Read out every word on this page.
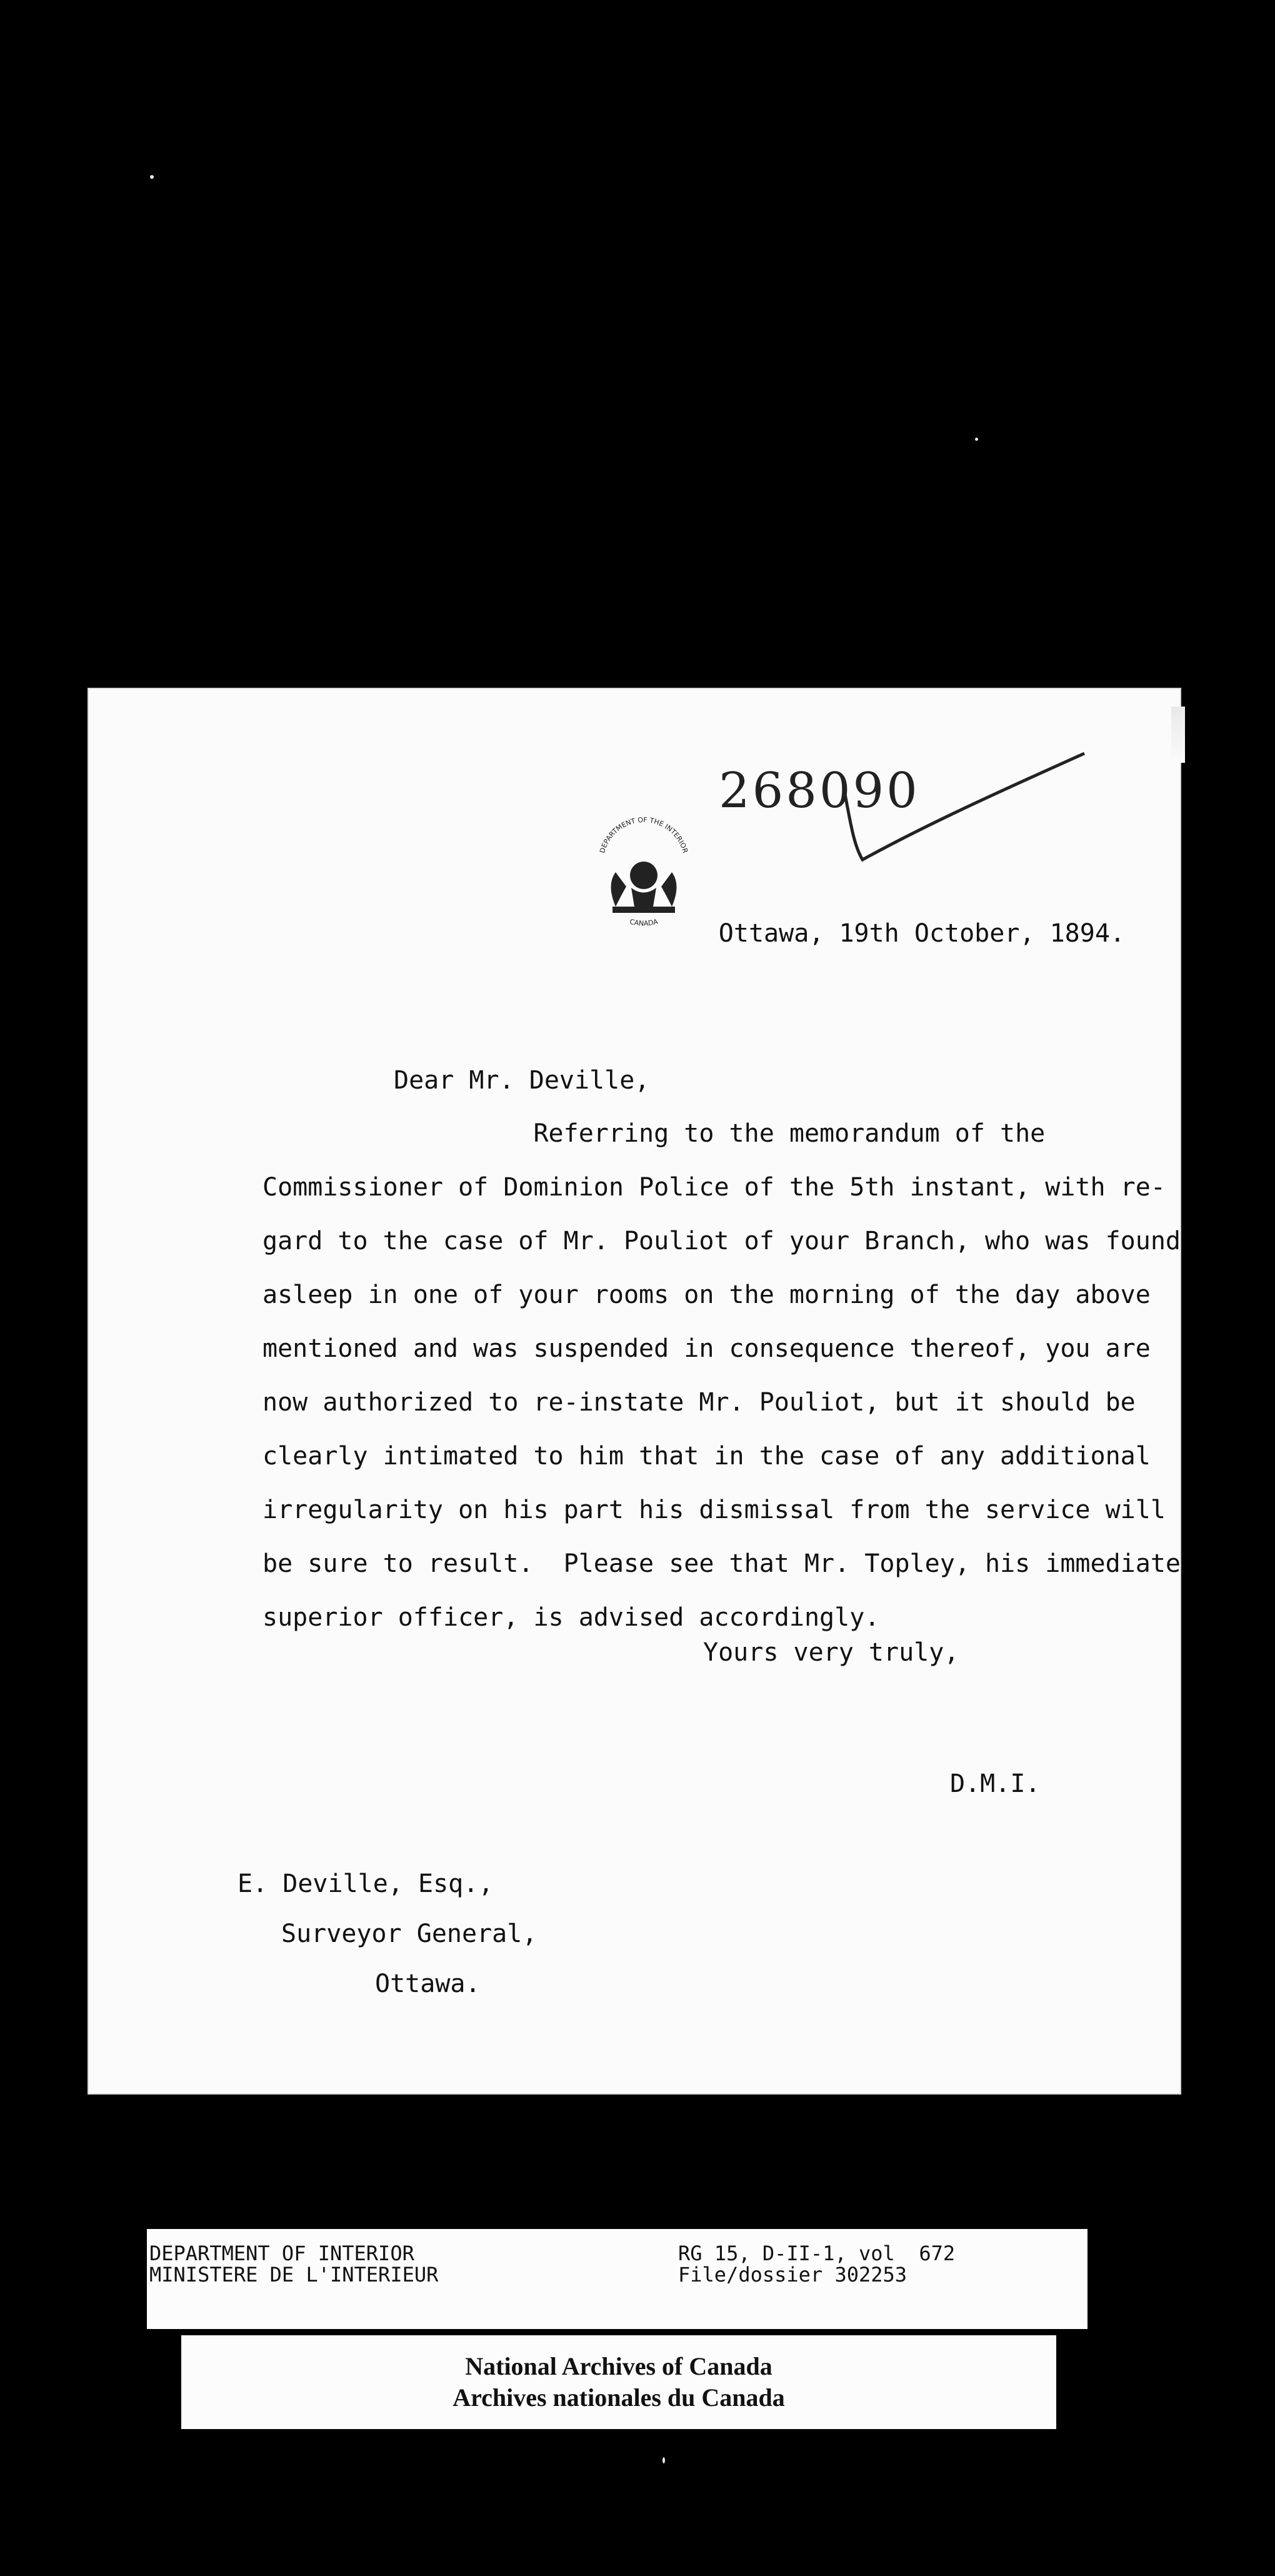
268090
DEPARTMENT OF THE INTERIOR
CANADA Ottawa, 19th October, 1894.
Dear Mr. Deville,
Referring to the memorandum of the
Commissioner of Dominion Police of the 5th instant, with re-
gard to the case of Mr. Pouliot of your Branch, who was found
asleep in one of your rooms on the morning of the day above
mentioned and was suspended in consequence thereof, you are
now authorized to re-instate Mr. Pouliot, but it should be
clearly intimated to him that in the case of any additional
irregularity on his part his dismissal from the service will
be sure to result.  Please see that Mr. Topley, his immediate
superior officer, is advised accordingly.
Yours very truly,
D.M.I.
E. Deville, Esq.,
Surveyor General,
Ottawa.
DEPARTMENT OF INTERIOR
MINISTERE DE L'INTERIEUR
RG 15, D-II-1, vol  672
File/dossier 302253
National Archives of Canada
Archives nationales du Canada
